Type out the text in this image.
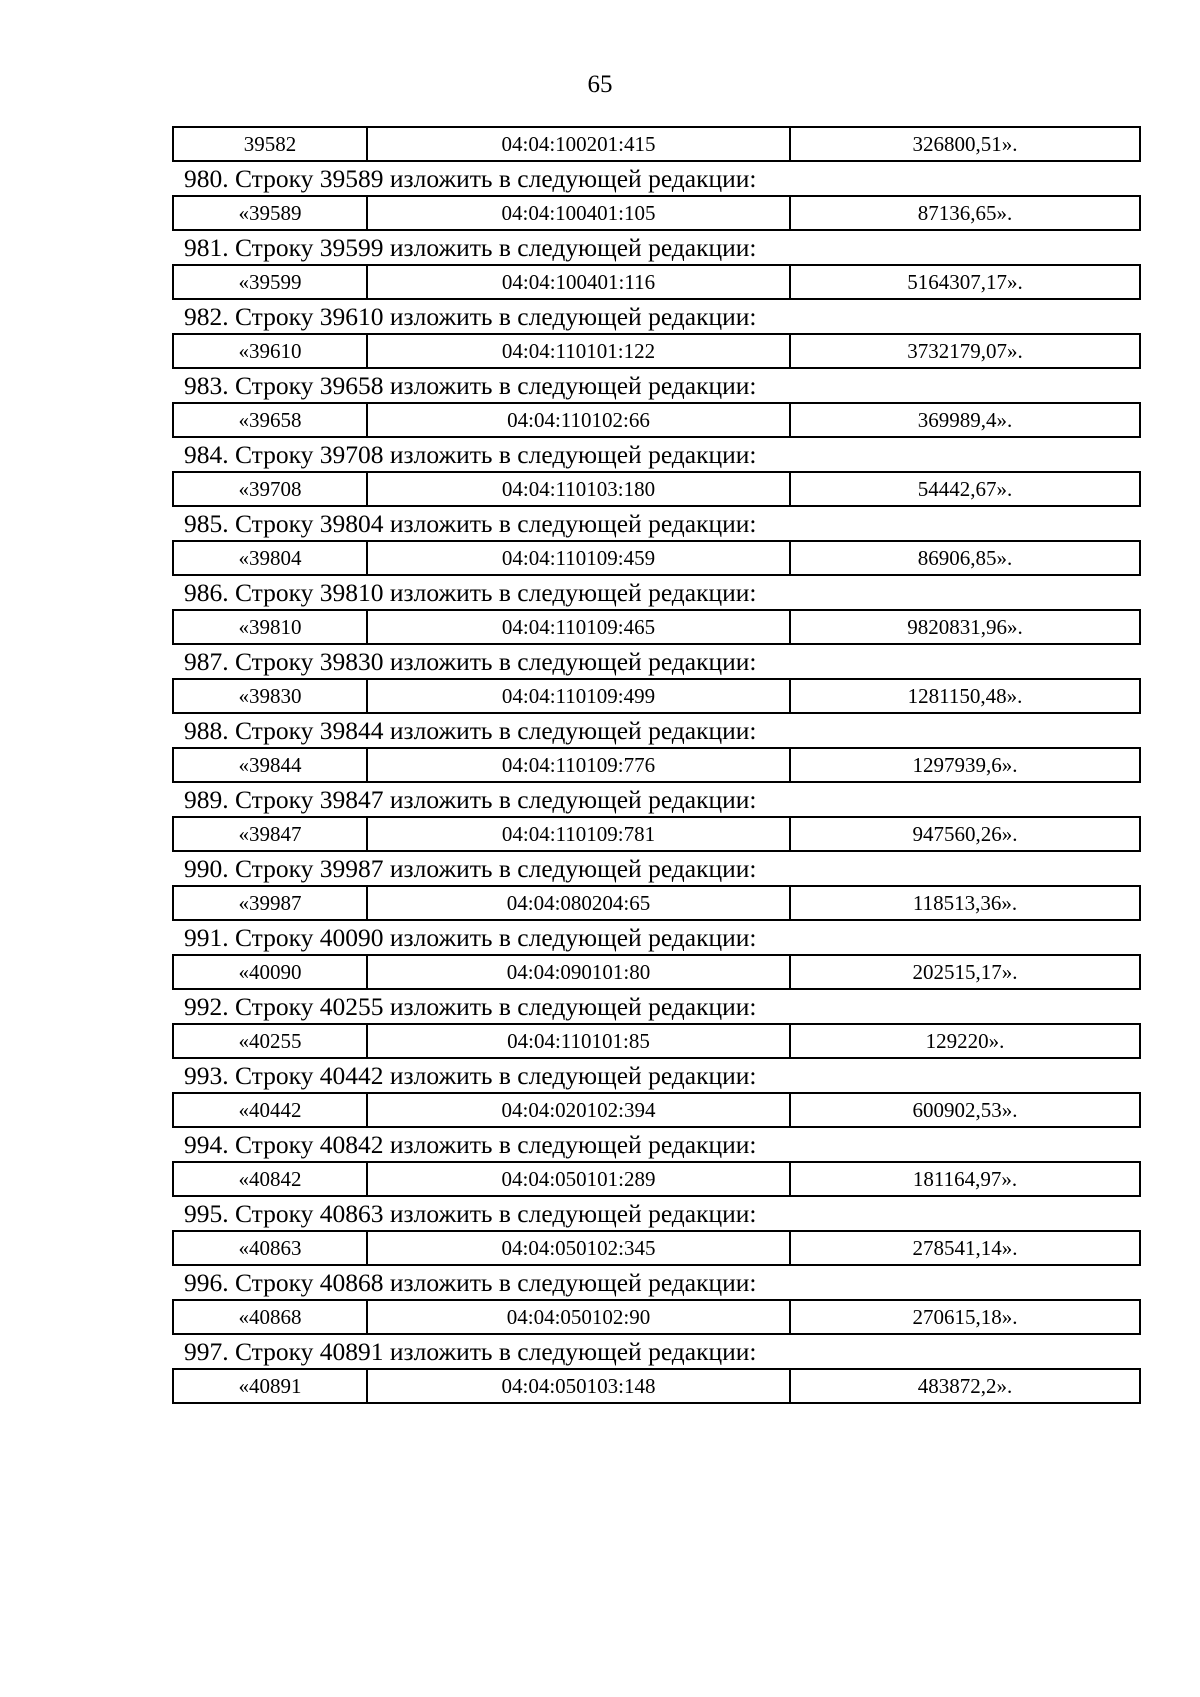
65
39582	04:04:100201:415	326800,51».
980. Строку 39589 изложить в следующей редакции:
«39589	04:04:100401:105	87136,65».
981. Строку 39599 изложить в следующей редакции:
«39599	04:04:100401:116	5164307,17».
982. Строку 39610 изложить в следующей редакции:
«39610	04:04:110101:122	3732179,07».
983. Строку 39658 изложить в следующей редакции:
«39658	04:04:110102:66	369989,4».
984. Строку 39708 изложить в следующей редакции:
«39708	04:04:110103:180	54442,67».
985. Строку 39804 изложить в следующей редакции:
«39804	04:04:110109:459	86906,85».
986. Строку 39810 изложить в следующей редакции:
«39810	04:04:110109:465	9820831,96».
987. Строку 39830 изложить в следующей редакции:
«39830	04:04:110109:499	1281150,48».
988. Строку 39844 изложить в следующей редакции:
«39844	04:04:110109:776	1297939,6».
989. Строку 39847 изложить в следующей редакции:
«39847	04:04:110109:781	947560,26».
990. Строку 39987 изложить в следующей редакции:
«39987	04:04:080204:65	118513,36».
991. Строку 40090 изложить в следующей редакции:
«40090	04:04:090101:80	202515,17».
992. Строку 40255 изложить в следующей редакции:
«40255	04:04:110101:85	129220».
993. Строку 40442 изложить в следующей редакции:
«40442	04:04:020102:394	600902,53».
994. Строку 40842 изложить в следующей редакции:
«40842	04:04:050101:289	181164,97».
995. Строку 40863 изложить в следующей редакции:
«40863	04:04:050102:345	278541,14».
996. Строку 40868 изложить в следующей редакции:
«40868	04:04:050102:90	270615,18».
997. Строку 40891 изложить в следующей редакции:
«40891	04:04:050103:148	483872,2».
